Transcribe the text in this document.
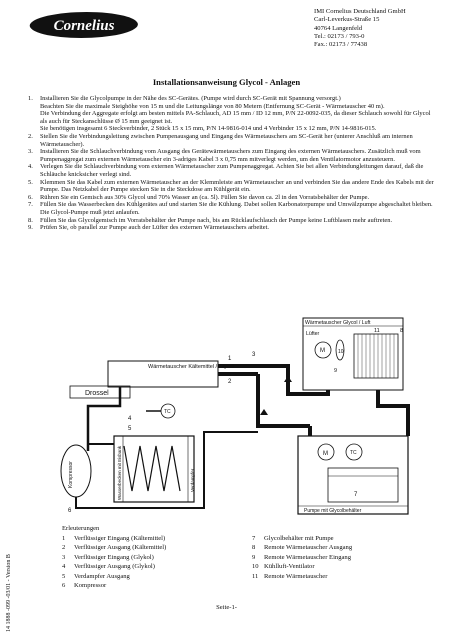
Cornelius
IMI Cornelius Deutschland GmbH
Carl-Leverkus-Straße 15
40764 Langenfeld
Tel.: 02173 / 793-0
Fax.: 02173 / 77438
Installationsanweisung Glycol - Anlagen
1.	Installieren Sie die Glycolpumpe in der Nähe des SC-Gerätes. (Pumpe wird durch SC-Gerät mit Spannung versorgt.)
Beachten Sie die maximale Steighöhe von 15 m und die Leitungslänge von 80 Metern (Entfernung SC-Gerät - Wärmetauscher 40 m).
Die Verbindung der Aggregate erfolgt am besten mittels PA-Schlauch, AD 15 mm / ID 12 mm, P/N 22-0092-035, da dieser Schlauch sowohl für Glycol als auch für Steckanschlüsse Ø 15 mm geeignet ist.
Sie benötigen insgesamt 6 Steckverbinder, 2 Stück 15 x 15 mm, P/N 14-9816-014 und 4 Verbinder 15 x 12 mm, P/N 14-9816-015.
2.	Stellen Sie die Verbindungsleitung zwischen Pumpenausgang und Eingang des Wärmetauschers am SC-Gerät her (unterer Anschluß am internen Wärmetauscher).
3.	Installieren Sie die Schlauchverbindung vom Ausgang des Gerätewärmetauschers zum Eingang des externen Wärmetauschers. Zusätzlich muß vom Pumpenaggregat zum externen Wärmetauscher ein 3-adriges Kabel 3 x 0,75 mm mitverlegt werden, um den Ventilatormotor anzusteuern.
4.	Verlegen Sie die Schlauchverbindung vom externen Wärmetauscher zum Pumpenaggregat. Achten Sie bei allen Verbindungleitungen darauf, daß die Schläuche knicksicher verlegt sind.
5.	Klemmen Sie das Kabel zum externen Wärmetauscher an der Klemmleiste am Wärmetauscher an und verbinden Sie das andere Ende des Kabels mit der Pumpe. Das Netzkabel der Pumpe stecken Sie in die Steckdose am Kühlgerät ein.
6.	Rühren Sie ein Gemisch aus 30% Glycol und 70% Wasser an (ca. 5l). Füllen Sie davon ca. 2l in den Vorratsbehälter der Pumpe.
7.	Füllen Sie das Wasserbecken des Kühlgerätes auf und starten Sie die Kühlung. Dabei sollen Karbonatorpumpe und Umwälzpumpe abgeschaltet bleiben. Die Glycol-Pumpe muß jetzt anlaufen.
8.	Füllen Sie das Glycolgemisch im Vorratsbehälter der Pumpe nach, bis am Rücklaufschlauch der Pumpe keine Luftblasen mehr auftreten.
9.	Prüfen Sie, ob parallel zur Pumpe auch der Lüfter des externen Wärmetauschers arbeitet.
Wärmetauscher Glycol / Luft
Lüfter
M	10
11	8
9
Wärmetauscher Kältemittel / Glycol
Drossel
1
2
3
4
5
TC
6
7
M	TC
Pumpe mit Glycolbehälter
Kompressor	Wasserbecken mit Eisbank	Verdampfer
14 1888 -099 -03/01 - Version B
Erleuterungen
1	Verflüssiger Eingang (Kältemittel)
2	Verflüssiger Ausgang (Kältemittel)
3	Verflüssiger Eingang (Glykol)
4	Verflüssiger Ausgang (Glykol)
5	Verdampfer Ausgang
6	Kompressor
7	Glycolbehälter mit Pumpe
8	Remote Wärmetauscher Ausgang
9	Remote Wärmetauscher Eingang
10 Kühlluft-Ventilator
11 Remote Wärmetauscher
Seite-1-
